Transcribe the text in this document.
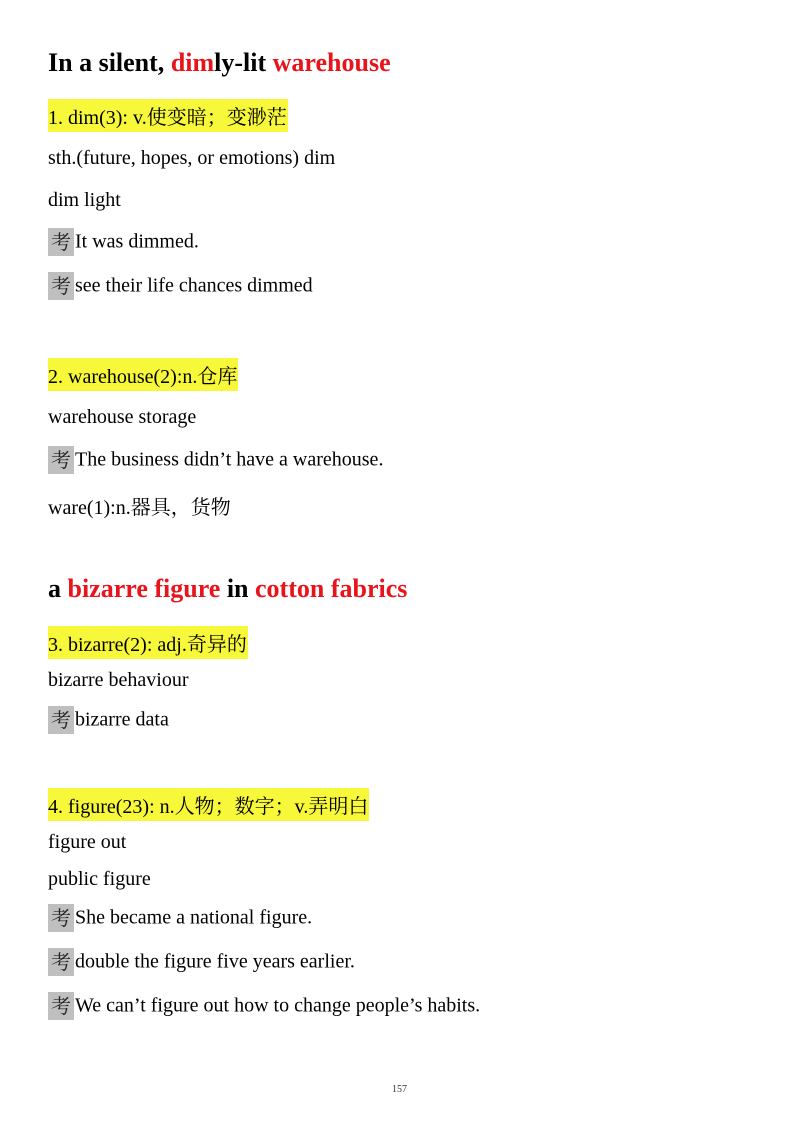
In a silent, dimly-lit warehouse
1. dim(3): v.使变暗；变渺茫
sth.(future, hopes, or emotions) dim
dim light
考 It was dimmed.
考 see their life chances dimmed
2. warehouse(2):n.仓库
warehouse storage
考 The business didn’t have a warehouse.
ware(1):n.器具，货物
a bizarre figure in cotton fabrics
3. bizarre(2): adj.奇异的
bizarre behaviour
考 bizarre data
4. figure(23): n.人物；数字；v.弄明白
figure out
public figure
考 She became a national figure.
考 double the figure five years earlier.
考 We can’t figure out how to change people’s habits.
157
